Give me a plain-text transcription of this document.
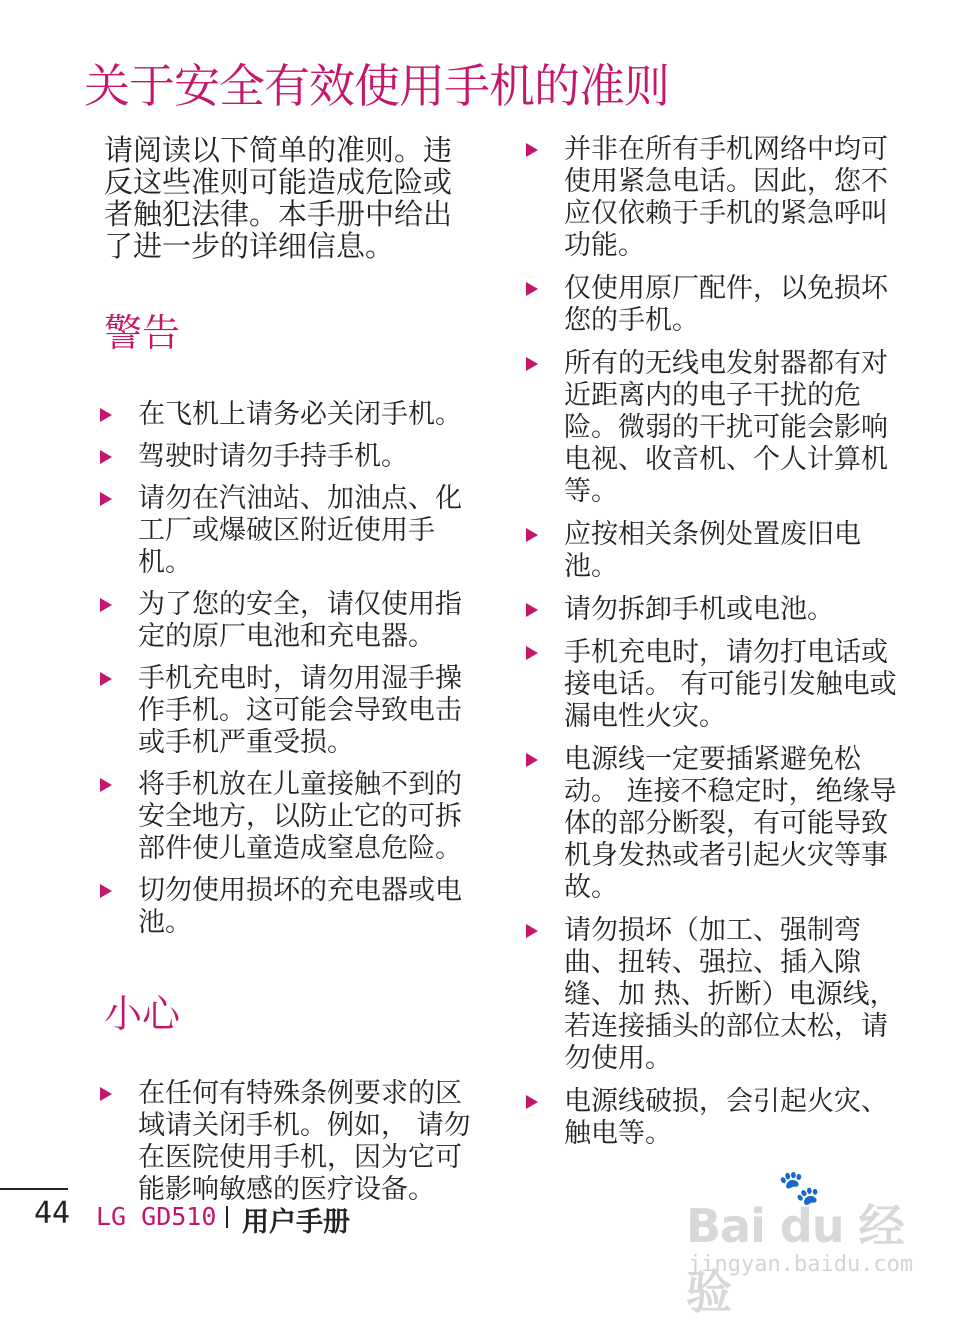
关于安全有效使用手机的准则

请阅读以下简单的准则。违反这些准则可能造成危险或者触犯法律。本手册中给出了进一步的详细信息。

警告
在飞机上请务必关闭手机。
驾驶时请勿手持手机。
请勿在汽油站、加油点、化工厂或爆破区附近使用手机。
为了您的安全，请仅使用指定的原厂电池和充电器。
手机充电时，请勿用湿手操作手机。这可能会导致电击或手机严重受损。
将手机放在儿童接触不到的安全地方，以防止它的可拆部件使儿童造成窒息危险。
切勿使用损坏的充电器或电池。
小心
在任何有特殊条例要求的区域请关闭手机。例如， 请勿在医院使用手机，因为它可能影响敏感的医疗设备。
并非在所有手机网络中均可使用紧急电话。因此，您不应仅依赖于手机的紧急呼叫功能。
仅使用原厂配件，以免损坏您的手机。
所有的无线电发射器都有对近距离内的电子干扰的危险。微弱的干扰可能会影响电视、收音机、个人计算机等。
应按相关条例处置废旧电池。
请勿拆卸手机或电池。
手机充电时，请勿打电话或接电话。 有可能引发触电或漏电性火灾。
电源线一定要插紧避免松动。 连接不稳定时，绝缘导体的部分断裂，有可能导致机身发热或者引起火灾等事故。
请勿损坏（加工、强制弯曲、扭转、强拉、插入隙缝、加 热、折断）电源线，若连接插头的部位太松，请勿使用。
电源线破损，会引起火灾、触电等。
44 LG GD510 用户手册
🐾
Bai du 经验
jingyan.baidu.com
